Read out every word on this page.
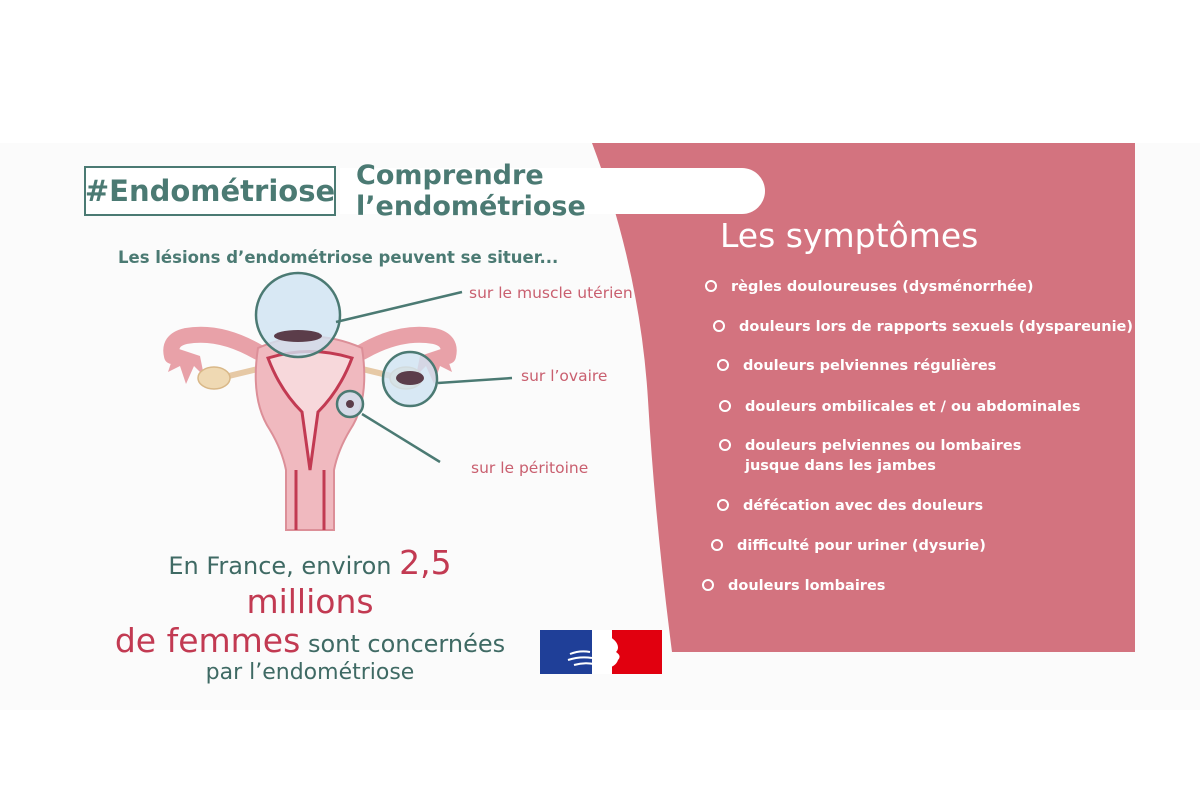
#Endométriose Comprendre l’endométriose
Les lésions d’endométriose peuvent se situer...
sur le muscle utérien
sur l’ovaire
sur le péritoine
En France, environ 2,5 millions
de femmes sont concernées
par l’endométriose
Les symptômes
règles douloureuses (dysménorrhée)
douleurs lors de rapports sexuels (dyspareunie)
douleurs pelviennes régulières
douleurs ombilicales et / ou abdominales
douleurs pelviennes ou lombaires
jusque dans les jambes
défécation avec des douleurs
difficulté pour uriner (dysurie)
douleurs lombaires
